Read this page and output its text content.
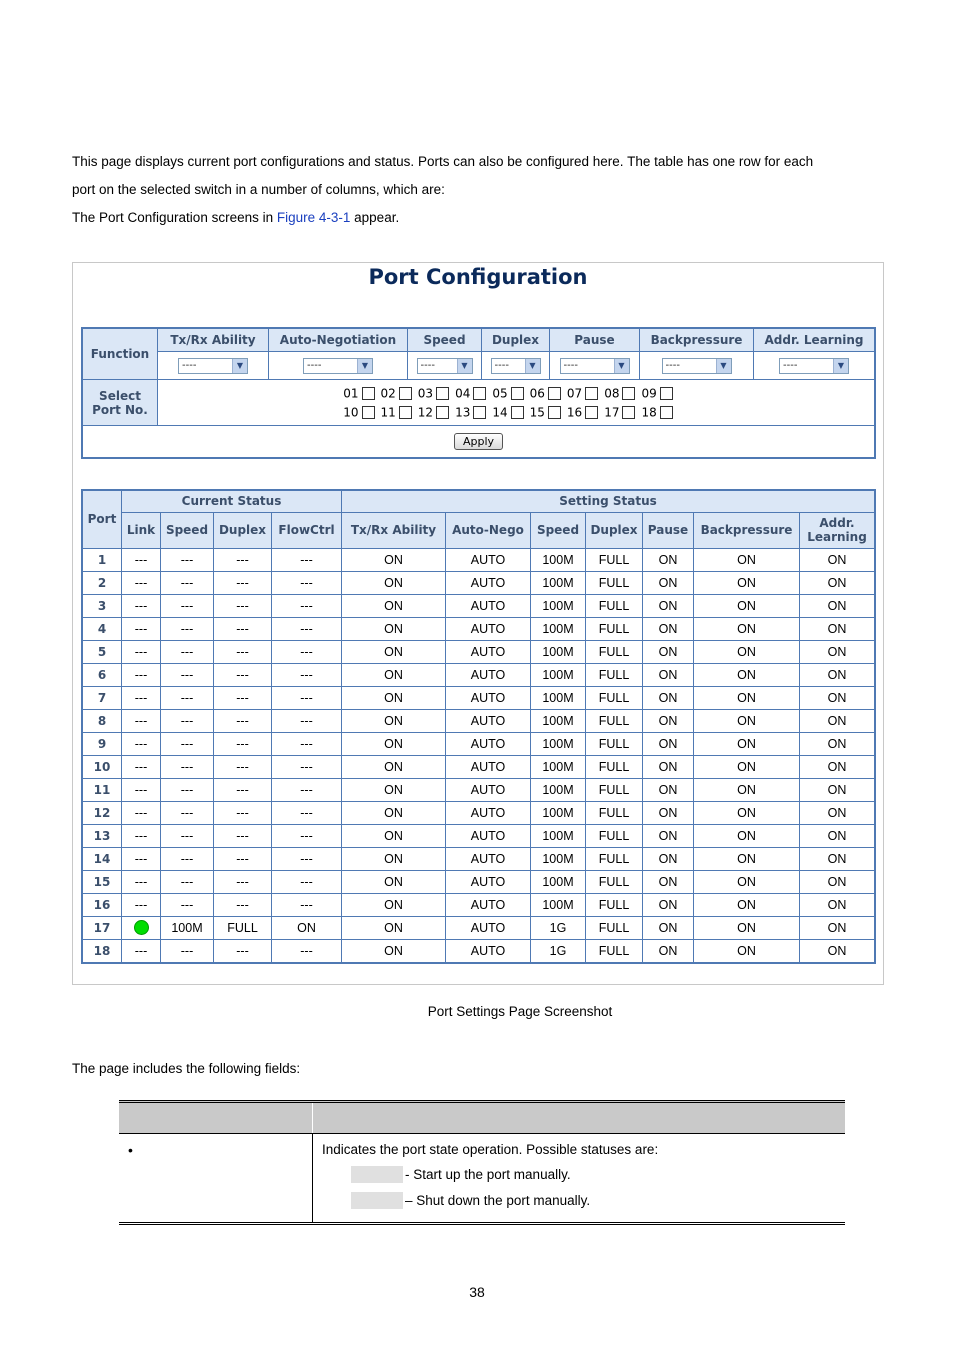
This page displays current port configurations and status. Ports can also be configured here. The table has one row for each
port on the selected switch in a number of columns, which are:
The Port Configuration screens in Figure 4-3-1 appear.
Port Configuration
Function	Tx/Rx Ability	Auto-Negotiation	Speed	Duplex	Pause	Backpressure	Addr. Learning

	---- ▼	---- ▼	---- ▼	---- ▼	---- ▼	---- ▼	---- ▼

Select Port No.	01 02 03 04 05 06 07 08 09
10 11 12 13 14 15 16 17 18						

Apply							
Port	Current Status				Setting Status						
	Link	Speed	Duplex	FlowCtrl	Tx/Rx Ability	Auto-Nego	Speed	Duplex	Pause	Backpressure	Addr. Learning
1	---	---	---	---	ON	AUTO	100M	FULL	ON	ON	ON
2	---	---	---	---	ON	AUTO	100M	FULL	ON	ON	ON
3	---	---	---	---	ON	AUTO	100M	FULL	ON	ON	ON
4	---	---	---	---	ON	AUTO	100M	FULL	ON	ON	ON
5	---	---	---	---	ON	AUTO	100M	FULL	ON	ON	ON
6	---	---	---	---	ON	AUTO	100M	FULL	ON	ON	ON
7	---	---	---	---	ON	AUTO	100M	FULL	ON	ON	ON
8	---	---	---	---	ON	AUTO	100M	FULL	ON	ON	ON
9	---	---	---	---	ON	AUTO	100M	FULL	ON	ON	ON
10	---	---	---	---	ON	AUTO	100M	FULL	ON	ON	ON
11	---	---	---	---	ON	AUTO	100M	FULL	ON	ON	ON
12	---	---	---	---	ON	AUTO	100M	FULL	ON	ON	ON
13	---	---	---	---	ON	AUTO	100M	FULL	ON	ON	ON
14	---	---	---	---	ON	AUTO	100M	FULL	ON	ON	ON
15	---	---	---	---	ON	AUTO	100M	FULL	ON	ON	ON
16	---	---	---	---	ON	AUTO	100M	FULL	ON	ON	ON
17		100M	FULL	ON	ON	AUTO	1G	FULL	ON	ON	ON
18	---	---	---	---	ON	AUTO	1G	FULL	ON	ON	ON
Port Settings Page Screenshot
The page includes the following fields:
•	Indicates the port state operation. Possible statuses are:
- Start up the port manually.
– Shut down the port manually.
38
